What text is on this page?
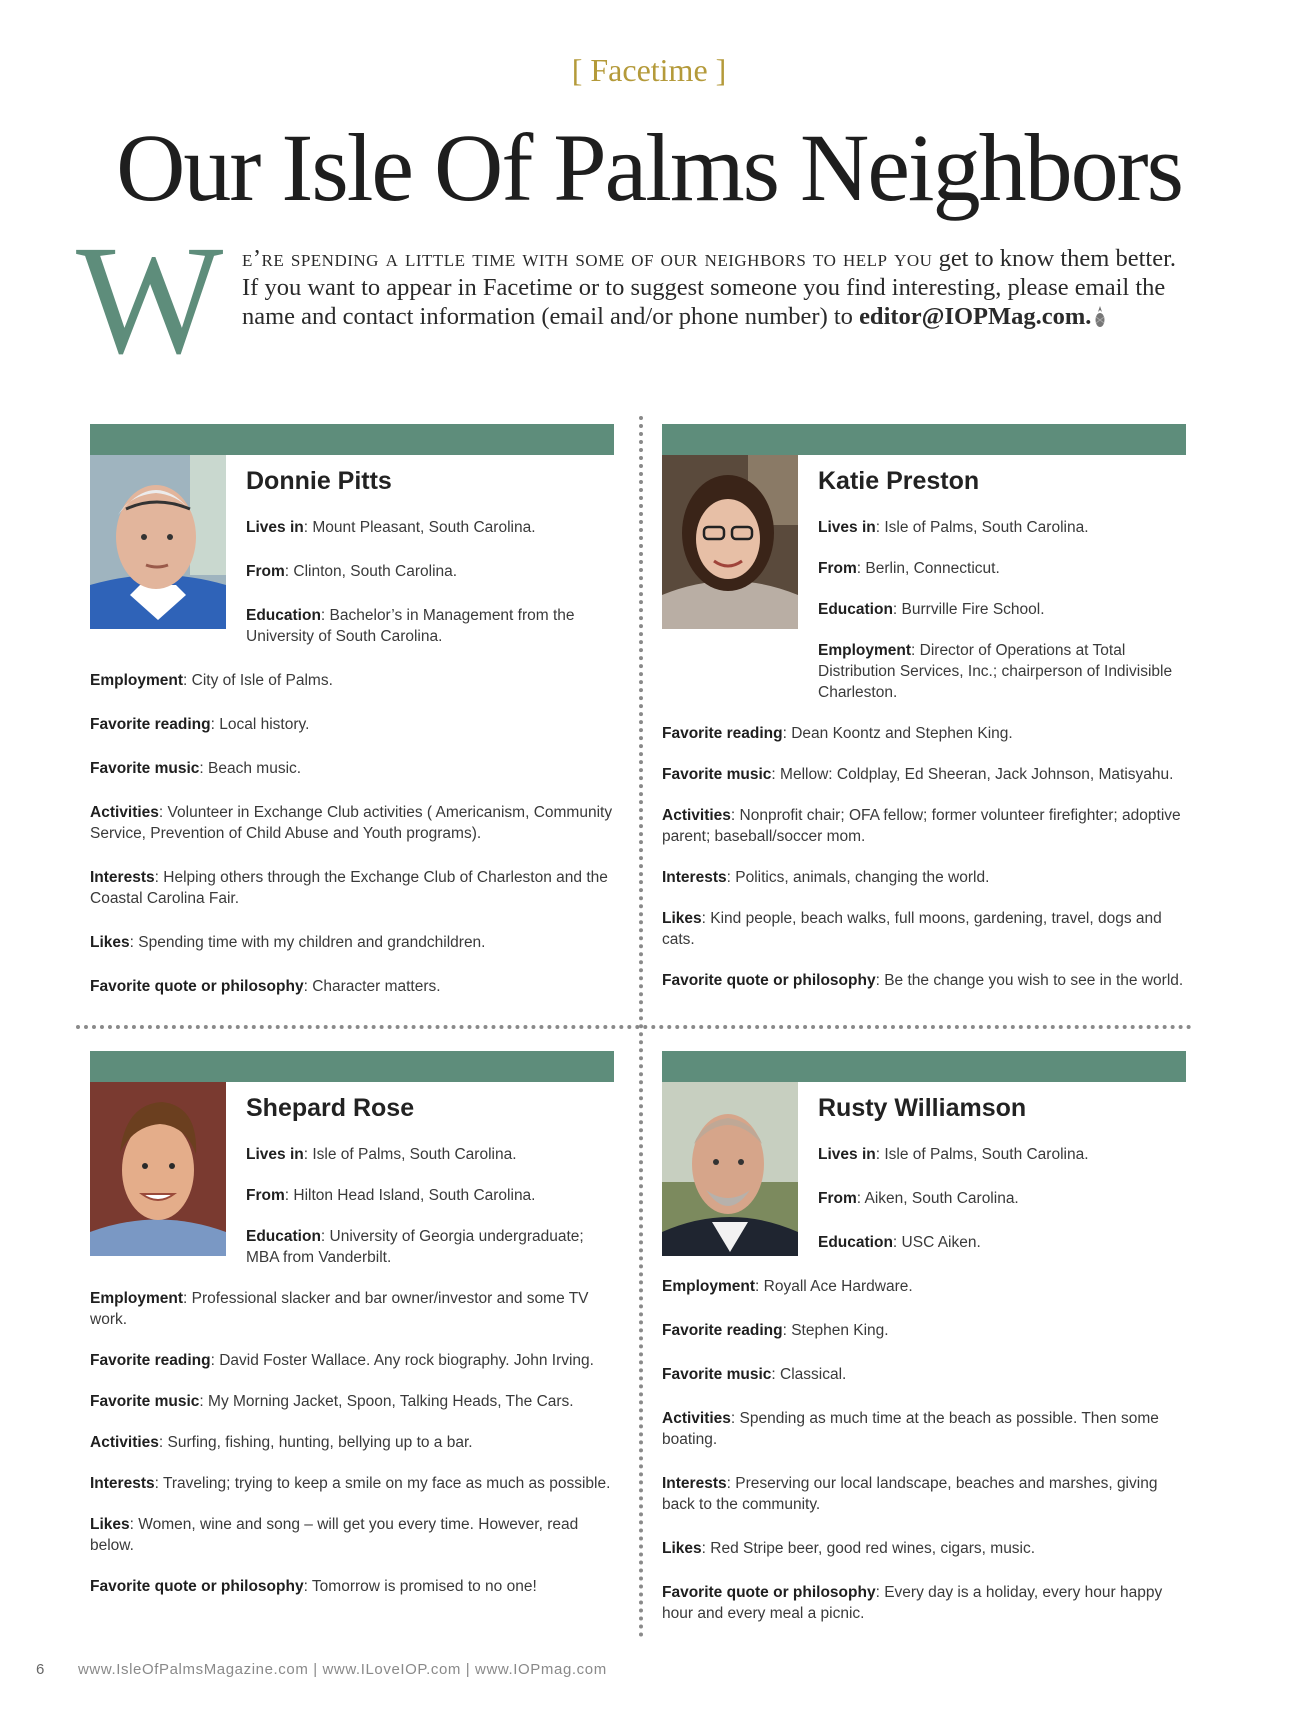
[ Facetime ]
Our Isle Of Palms Neighbors
W e’re spending a little time with some of our neighbors to help you get to know them better. If you want to appear in Facetime or to suggest someone you find interesting, please email the name and contact information (email and/or phone number) to editor@IOPMag.com.
Donnie Pitts

Lives in: Mount Pleasant, South Carolina.

From: Clinton, South Carolina.

Education: Bachelor’s in Management from the University of South Carolina.

Employment: City of Isle of Palms.

Favorite reading: Local history.

Favorite music: Beach music.

Activities: Volunteer in Exchange Club activities ( Americanism, Community Service, Prevention of Child Abuse and Youth programs).

Interests: Helping others through the Exchange Club of Charleston and the Coastal Carolina Fair.

Likes: Spending time with my children and grandchildren.

Favorite quote or philosophy: Character matters.

Katie Preston

Lives in: Isle of Palms, South Carolina.

From: Berlin, Connecticut.

Education: Burrville Fire School.

Employment: Director of Operations at Total Distribution Services, Inc.; chairperson of Indivisible Charleston.

Favorite reading: Dean Koontz and Stephen King.

Favorite music: Mellow: Coldplay, Ed Sheeran, Jack Johnson, Matisyahu.

Activities: Nonprofit chair; OFA fellow; former volunteer firefighter; adoptive parent; baseball/soccer mom.

Interests: Politics, animals, changing the world.

Likes: Kind people, beach walks, full moons, gardening, travel, dogs and cats.

Favorite quote or philosophy: Be the change you wish to see in the world.

Shepard Rose

Lives in: Isle of Palms, South Carolina.

From: Hilton Head Island, South Carolina.

Education: University of Georgia undergraduate; MBA from Vanderbilt.

Employment: Professional slacker and bar owner/investor and some TV work.

Favorite reading: David Foster Wallace. Any rock biography. John Irving.

Favorite music: My Morning Jacket, Spoon, Talking Heads, The Cars.

Activities: Surfing, fishing, hunting, bellying up to a bar.

Interests: Traveling; trying to keep a smile on my face as much as possible.

Likes: Women, wine and song – will get you every time. However, read below.

Favorite quote or philosophy: Tomorrow is promised to no one!

Rusty Williamson

Lives in: Isle of Palms, South Carolina.

From: Aiken, South Carolina.

Education: USC Aiken.

Employment: Royall Ace Hardware.

Favorite reading: Stephen King.

Favorite music: Classical.

Activities: Spending as much time at the beach as possible. Then some boating.

Interests: Preserving our local landscape, beaches and marshes, giving back to the community.

Likes: Red Stripe beer, good red wines, cigars, music.

Favorite quote or philosophy: Every day is a holiday, every hour happy hour and every meal a picnic.

6 www.IsleOfPalmsMagazine.com | www.ILoveIOP.com | www.IOPmag.com
